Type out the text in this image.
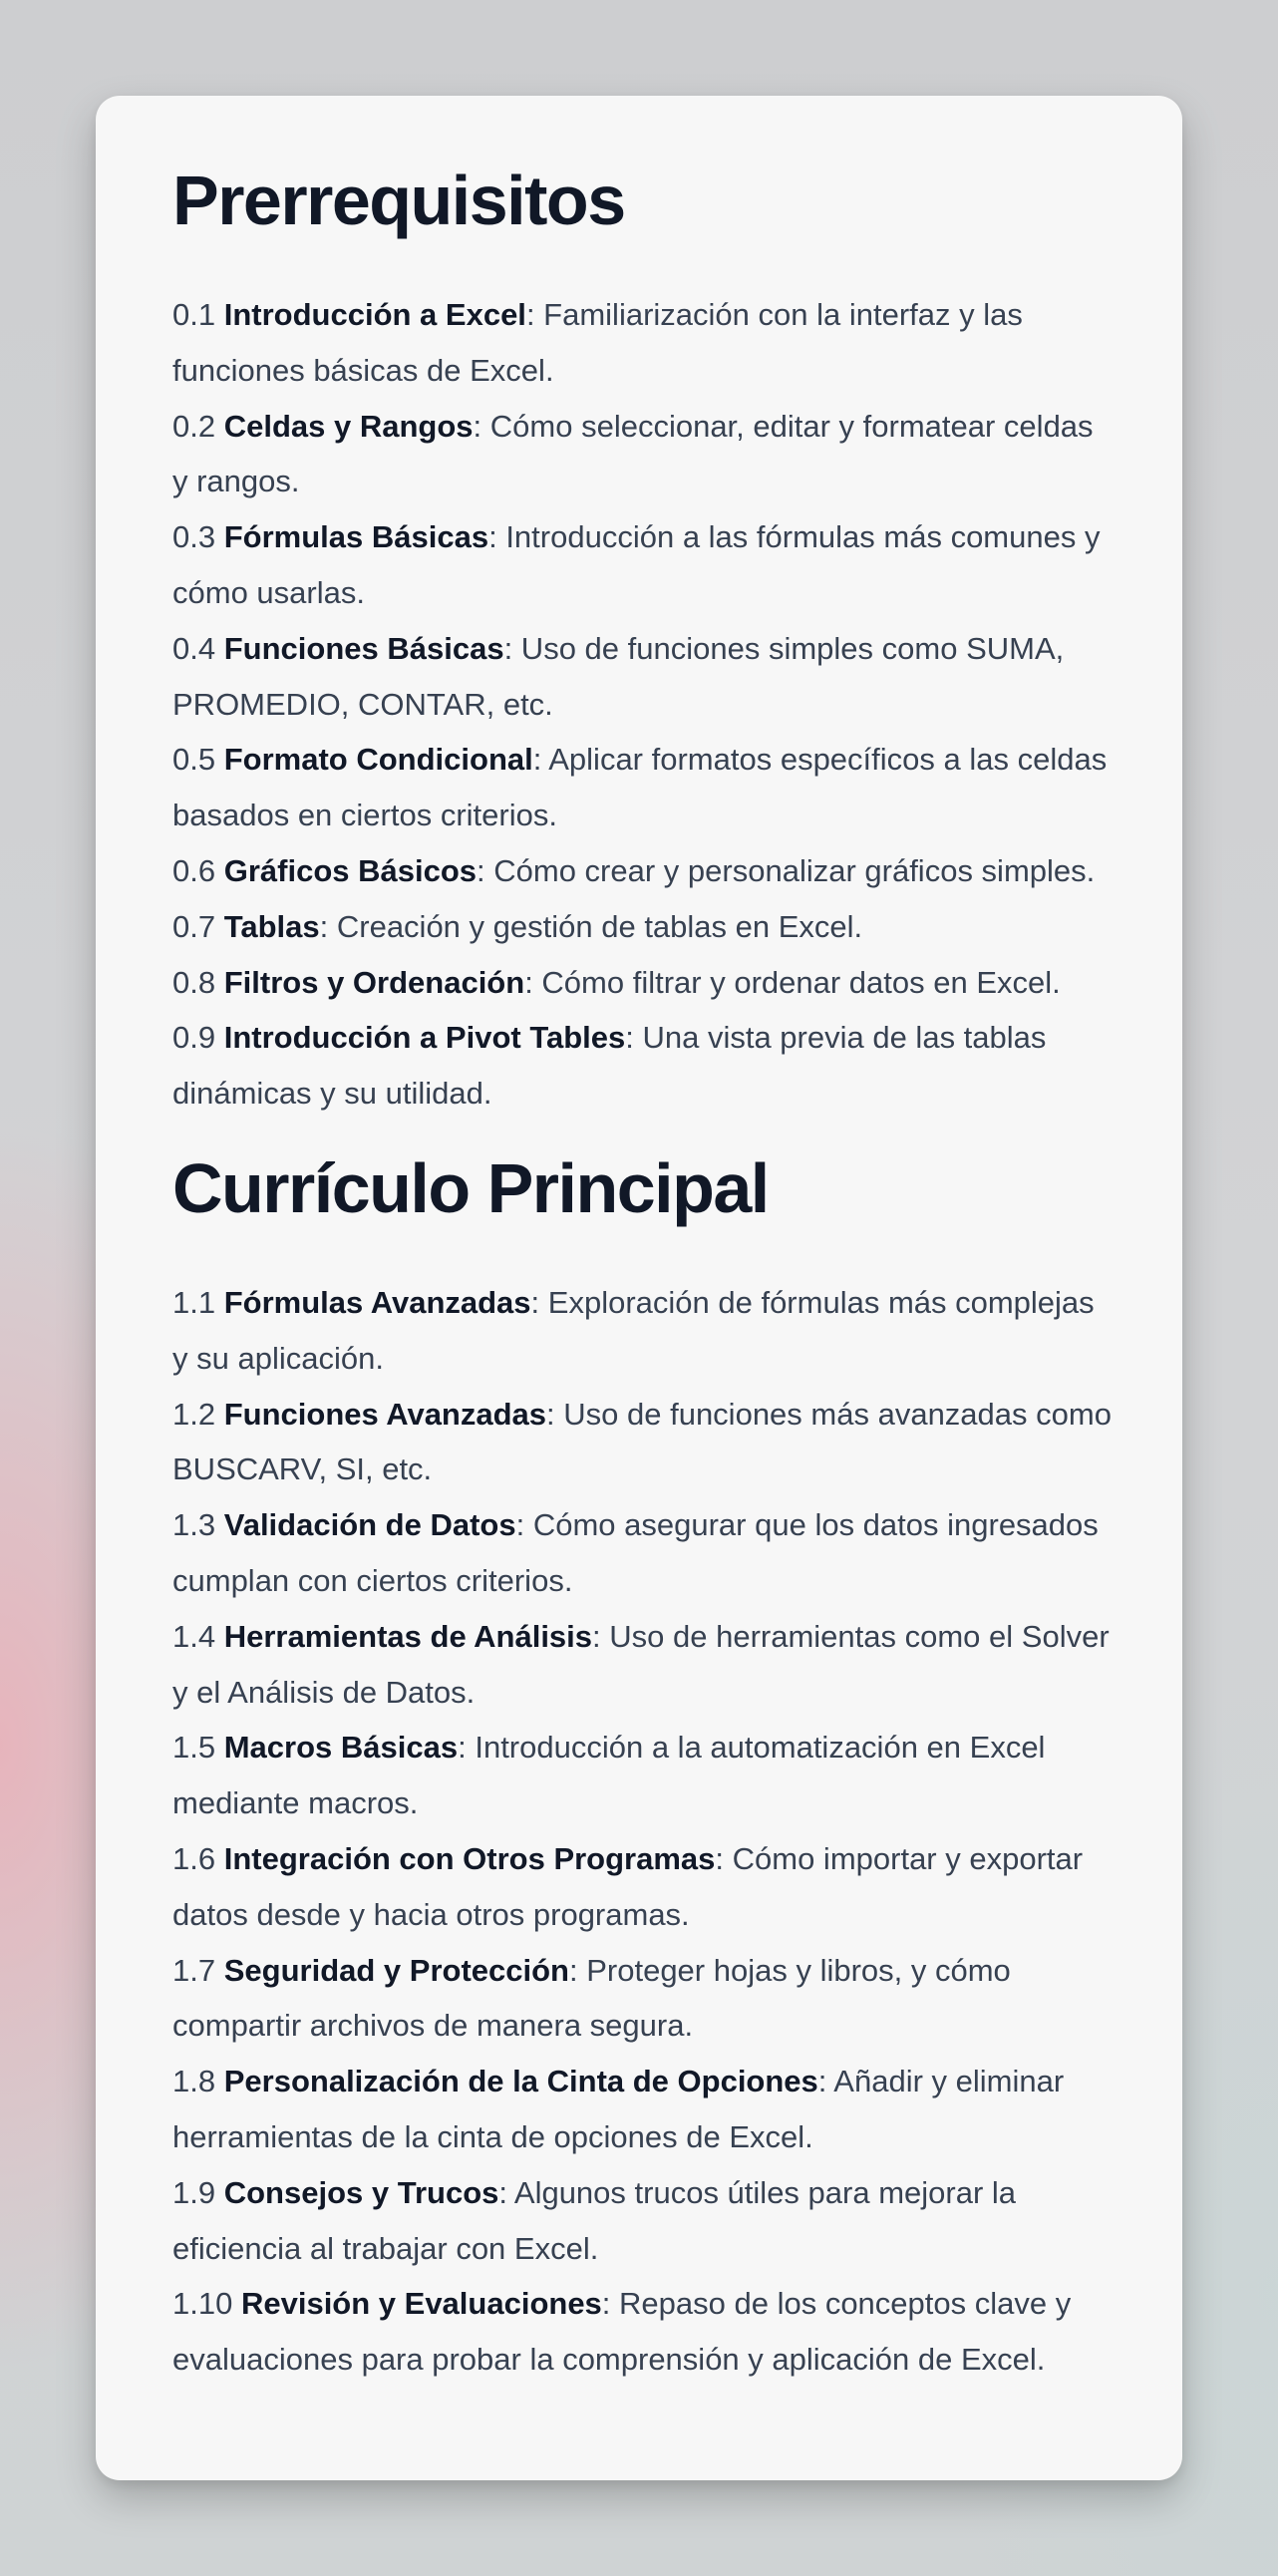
Prerrequisitos

0.1 Introducción a Excel: Familiarización con la interfaz y las funciones básicas de Excel.

0.2 Celdas y Rangos: Cómo seleccionar, editar y formatear celdas y rangos.

0.3 Fórmulas Básicas: Introducción a las fórmulas más comunes y cómo usarlas.

0.4 Funciones Básicas: Uso de funciones simples como SUMA, PROMEDIO, CONTAR, etc.

0.5 Formato Condicional: Aplicar formatos específicos a las celdas basados en ciertos criterios.

0.6 Gráficos Básicos: Cómo crear y personalizar gráficos simples.

0.7 Tablas: Creación y gestión de tablas en Excel.

0.8 Filtros y Ordenación: Cómo filtrar y ordenar datos en Excel.

0.9 Introducción a Pivot Tables: Una vista previa de las tablas dinámicas y su utilidad.

Currículo Principal

1.1 Fórmulas Avanzadas: Exploración de fórmulas más complejas y su aplicación.

1.2 Funciones Avanzadas: Uso de funciones más avanzadas como BUSCARV, SI, etc.

1.3 Validación de Datos: Cómo asegurar que los datos ingresados cumplan con ciertos criterios.

1.4 Herramientas de Análisis: Uso de herramientas como el Solver y el Análisis de Datos.

1.5 Macros Básicas: Introducción a la automatización en Excel mediante macros.

1.6 Integración con Otros Programas: Cómo importar y exportar datos desde y hacia otros programas.

1.7 Seguridad y Protección: Proteger hojas y libros, y cómo compartir archivos de manera segura.

1.8 Personalización de la Cinta de Opciones: Añadir y eliminar herramientas de la cinta de opciones de Excel.

1.9 Consejos y Trucos: Algunos trucos útiles para mejorar la eficiencia al trabajar con Excel.

1.10 Revisión y Evaluaciones: Repaso de los conceptos clave y evaluaciones para probar la comprensión y aplicación de Excel.
